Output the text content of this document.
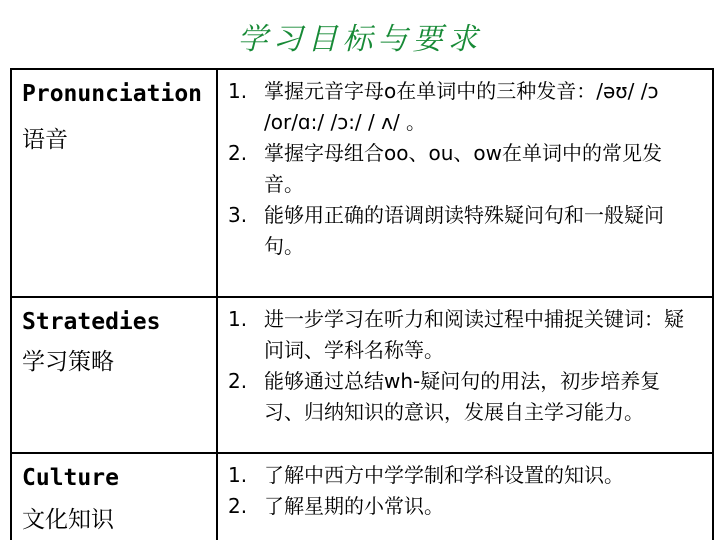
学习目标与要求
Pronunciation
语音
1. 掌握元音字母o在单词中的三种发音：/əʊ/ /ɔ /or/ɑ:/ /ɔ:/ / ʌ/ 。
2. 掌握字母组合oo、ou、ow在单词中的常见发音。
3. 能够用正确的语调朗读特殊疑问句和一般疑问句。
Stratedies
学习策略
1. 进一步学习在听力和阅读过程中捕捉关键词：疑问词、学科名称等。
2. 能够通过总结wh-疑问句的用法，初步培养复习、归纳知识的意识，发展自主学习能力。
Culture
文化知识
1. 了解中西方中学学制和学科设置的知识。
2. 了解星期的小常识。
